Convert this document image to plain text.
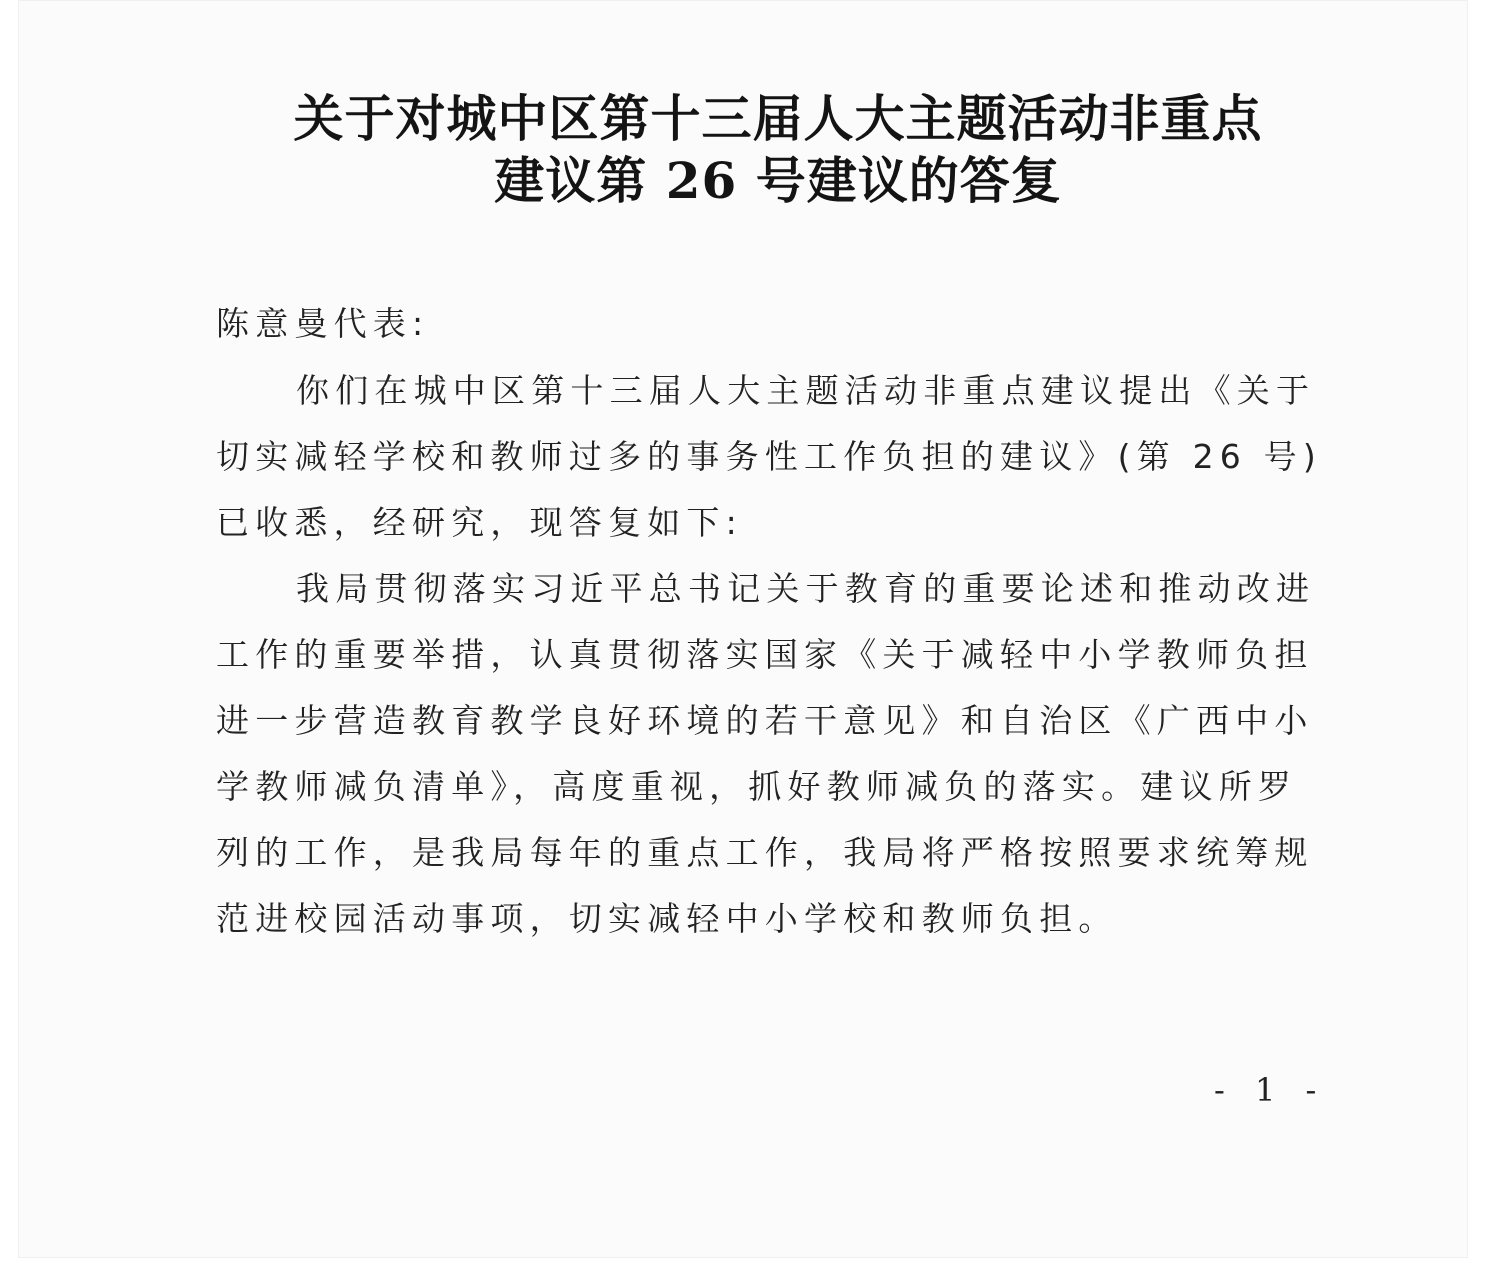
关于对城中区第十三届人大主题活动非重点
建议第 26 号建议的答复

陈意曼代表:

你们在城中区第十三届人大主题活动非重点建议提出《关于切实减轻学校和教师过多的事务性工作负担的建议》(第 26 号)已收悉，经研究，现答复如下:

我局贯彻落实习近平总书记关于教育的重要论述和推动改进工作的重要举措，认真贯彻落实国家《关于减轻中小学教师负担进一步营造教育教学良好环境的若干意见》和自治区《广西中小学教师减负清单》，高度重视，抓好教师减负的落实。建议所罗列的工作，是我局每年的重点工作，我局将严格按照要求统筹规范进校园活动事项，切实减轻中小学校和教师负担。

- 1 -
